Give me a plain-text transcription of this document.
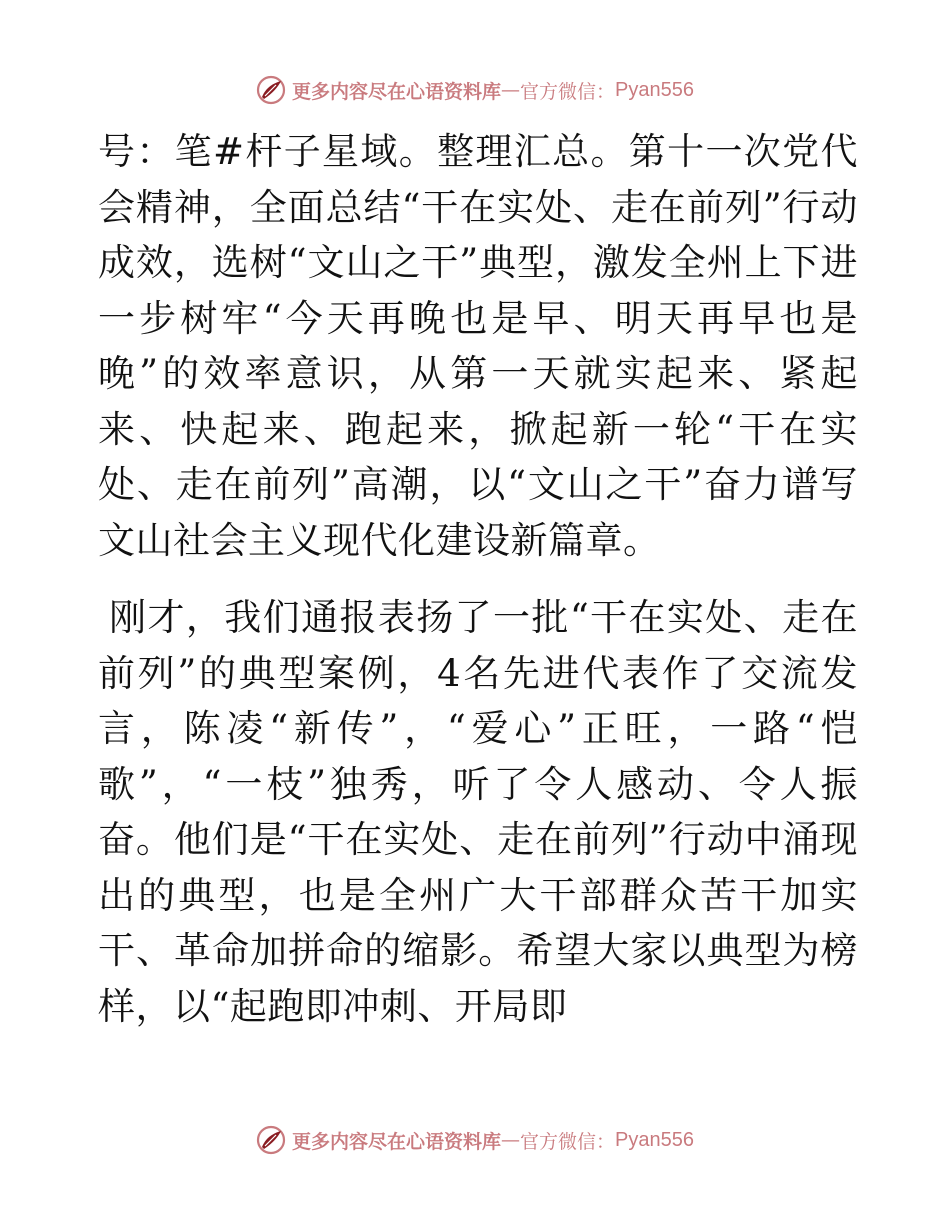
更多内容尽在心语资料库 — 官方微信： Pyan556

号：笔#杆子星域。整理汇总。第十一次党代会精神，全面总结“干在实处、走在前列”行动成效，选树“文山之干”典型，激发全州上下进一步树牢“今天再晚也是早、明天再早也是晚”的效率意识，从第一天就实起来、紧起来、快起来、跑起来，掀起新一轮“干在实处、走在前列”高潮，以“文山之干”奋力谱写文山社会主义现代化建设新篇章。

刚才，我们通报表扬了一批“干在实处、走在前列”的典型案例，4名先进代表作了交流发言，陈凌“新传”，“爱心”正旺，一路“恺歌”，“一枝”独秀，听了令人感动、令人振奋。他们是“干在实处、走在前列”行动中涌现出的典型，也是全州广大干部群众苦干加实干、革命加拼命的缩影。希望大家以典型为榜样，以“起跑即冲刺、开局即

更多内容尽在心语资料库 — 官方微信： Pyan556
